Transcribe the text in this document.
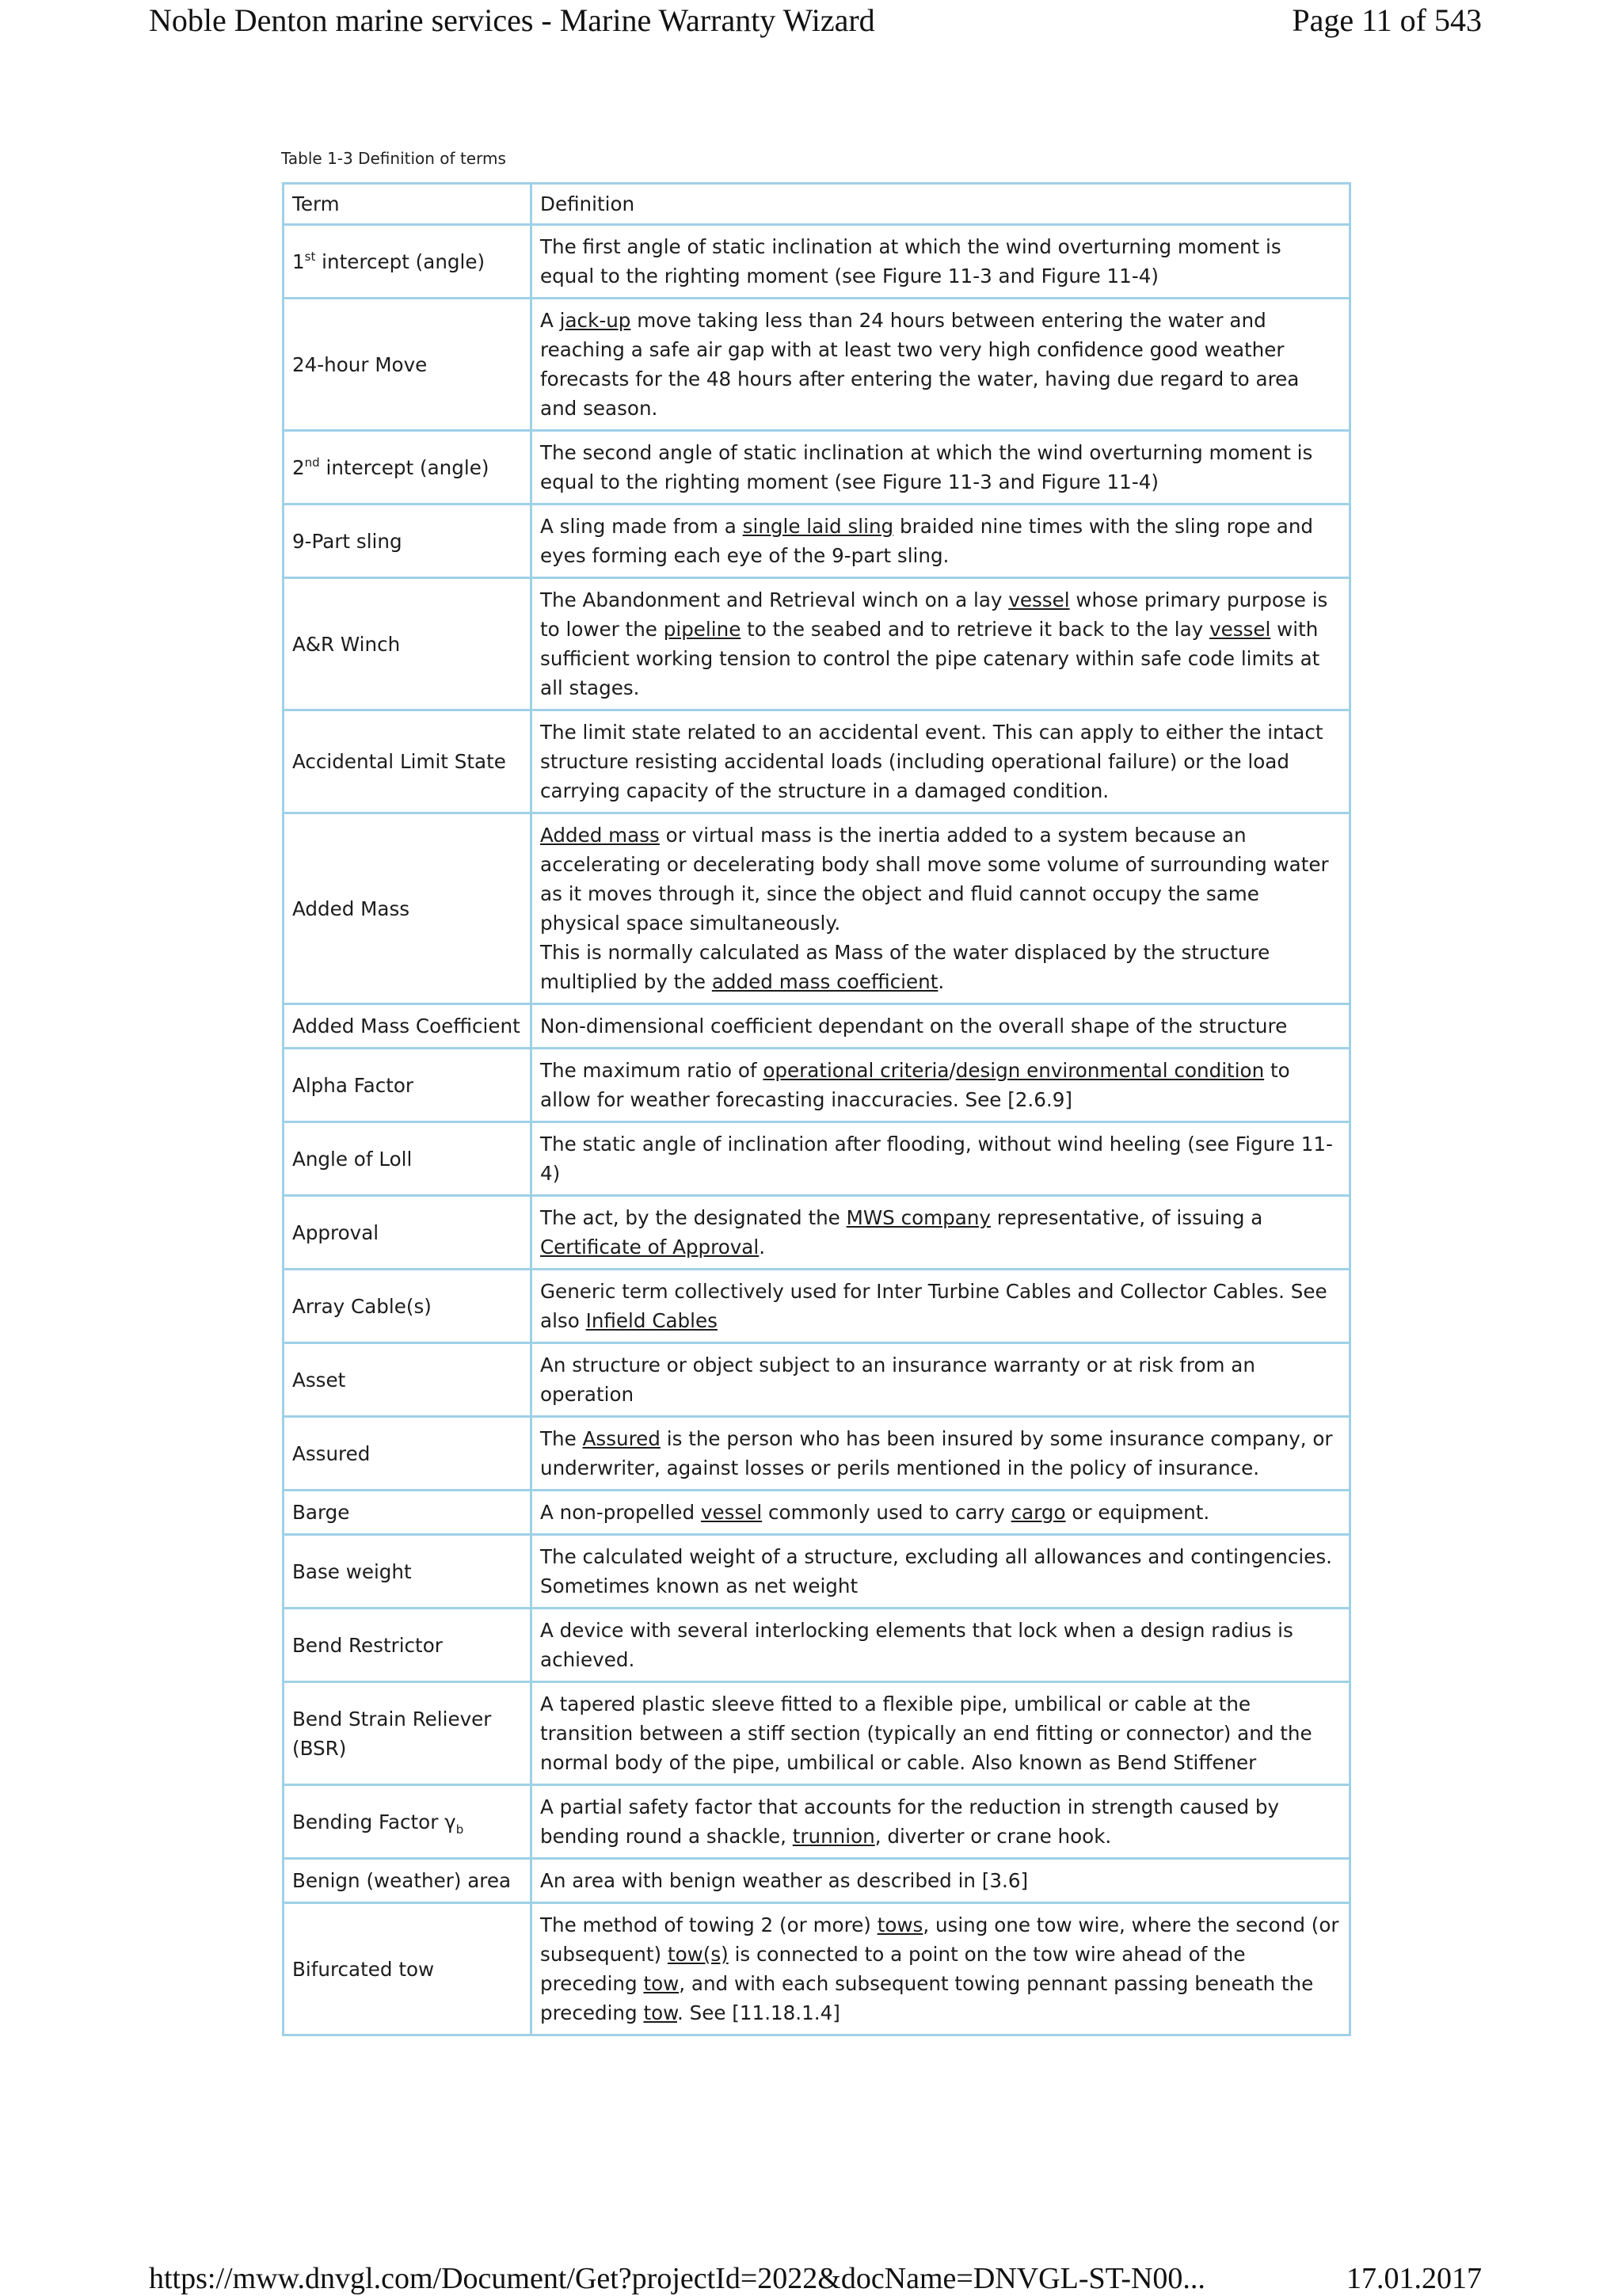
Noble Denton marine services - Marine Warranty Wizard	Page 11 of 543
Table 1-3 Definition of terms
Term	Definition
1st intercept (angle)	The first angle of static inclination at which the wind overturning moment is equal to the righting moment (see Figure 11-3 and Figure 11-4)
24-hour Move	A jack-up move taking less than 24 hours between entering the water and reaching a safe air gap with at least two very high confidence good weather forecasts for the 48 hours after entering the water, having due regard to area and season.
2nd intercept (angle)	The second angle of static inclination at which the wind overturning moment is equal to the righting moment (see Figure 11-3 and Figure 11-4)
9-Part sling	A sling made from a single laid sling braided nine times with the sling rope and eyes forming each eye of the 9-part sling.
A&R Winch	The Abandonment and Retrieval winch on a lay vessel whose primary purpose is to lower the pipeline to the seabed and to retrieve it back to the lay vessel with sufficient working tension to control the pipe catenary within safe code limits at all stages.
Accidental Limit State	The limit state related to an accidental event. This can apply to either the intact structure resisting accidental loads (including operational failure) or the load carrying capacity of the structure in a damaged condition.
Added Mass	Added mass or virtual mass is the inertia added to a system because an accelerating or decelerating body shall move some volume of surrounding water as it moves through it, since the object and fluid cannot occupy the same physical space simultaneously.
This is normally calculated as Mass of the water displaced by the structure multiplied by the added mass coefficient.
Added Mass Coefficient	Non-dimensional coefficient dependant on the overall shape of the structure
Alpha Factor	The maximum ratio of operational criteria/design environmental condition to allow for weather forecasting inaccuracies. See [2.6.9]
Angle of Loll	The static angle of inclination after flooding, without wind heeling (see Figure 11-4)
Approval	The act, by the designated the MWS company representative, of issuing a Certificate of Approval.
Array Cable(s)	Generic term collectively used for Inter Turbine Cables and Collector Cables. See also Infield Cables
Asset	An structure or object subject to an insurance warranty or at risk from an operation
Assured	The Assured is the person who has been insured by some insurance company, or underwriter, against losses or perils mentioned in the policy of insurance.
Barge	A non-propelled vessel commonly used to carry cargo or equipment.
Base weight	The calculated weight of a structure, excluding all allowances and contingencies. Sometimes known as net weight
Bend Restrictor	A device with several interlocking elements that lock when a design radius is achieved.
Bend Strain Reliever (BSR)	A tapered plastic sleeve fitted to a flexible pipe, umbilical or cable at the transition between a stiff section (typically an end fitting or connector) and the normal body of the pipe, umbilical or cable. Also known as Bend Stiffener
Bending Factor $\gamma_b$	A partial safety factor that accounts for the reduction in strength caused by bending round a shackle, trunnion, diverter or crane hook.
Benign (weather) area	An area with benign weather as described in [3.6]
Bifurcated tow	The method of towing 2 (or more) tows, using one tow wire, where the second (or subsequent) tow(s) is connected to a point on the tow wire ahead of the preceding tow, and with each subsequent towing pennant passing beneath the preceding tow. See [11.18.1.4]
https://mww.dnvgl.com/Document/Get?projectId=2022&docName=DNVGL-ST-N00...	17.01.2017
